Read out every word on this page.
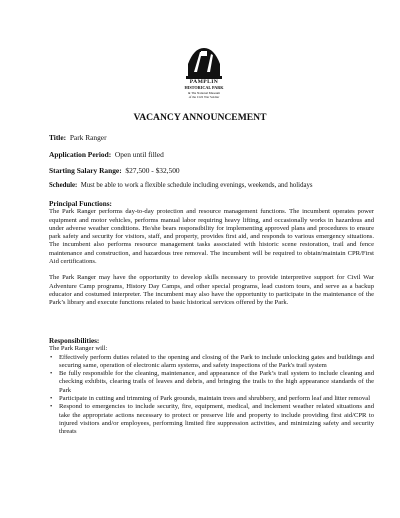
PAMPLIN
HISTORICAL PARK
& The National Museum
of the Civil War Soldier
VACANCY ANNOUNCEMENT
Title: Park Ranger
Application Period: Open until filled
Starting Salary Range: $27,500 - $32,500
Schedule: Must be able to work a flexible schedule including evenings, weekends, and holidays
Principal Functions:
The Park Ranger performs day-to-day protection and resource management functions. The incumbent operates power equipment and motor vehicles, performs manual labor requiring heavy lifting, and occasionally works in hazardous and under adverse weather conditions. He/she bears responsibility for implementing approved plans and procedures to ensure park safety and security for visitors, staff, and property, provides first aid, and responds to various emergency situations. The incumbent also performs resource management tasks associated with historic scene restoration, trail and fence maintenance and construction, and hazardous tree removal. The incumbent will be required to obtain/maintain CPR/First Aid certifications.
The Park Ranger may have the opportunity to develop skills necessary to provide interpretive support for Civil War Adventure Camp programs, History Day Camps, and other special programs, lead custom tours, and serve as a backup educator and costumed interpreter. The incumbent may also have the opportunity to participate in the maintenance of the Park’s library and execute functions related to basic historical services offered by the Park.
Responsibilities:
The Park Ranger will:
• Effectively perform duties related to the opening and closing of the Park to include unlocking gates and buildings and securing same, operation of electronic alarm systems, and safety inspections of the Park's trail system
• Be fully responsible for the cleaning, maintenance, and appearance of the Park’s trail system to include cleaning and checking exhibits, clearing trails of leaves and debris, and bringing the trails to the high appearance standards of the Park
• Participate in cutting and trimming of Park grounds, maintain trees and shrubbery, and perform leaf and litter removal
• Respond to emergencies to include security, fire, equipment, medical, and inclement weather related situations and take the appropriate actions necessary to protect or preserve life and property to include providing first aid/CPR to injured visitors and/or employees, performing limited fire suppression activities, and minimizing safety and security threats
